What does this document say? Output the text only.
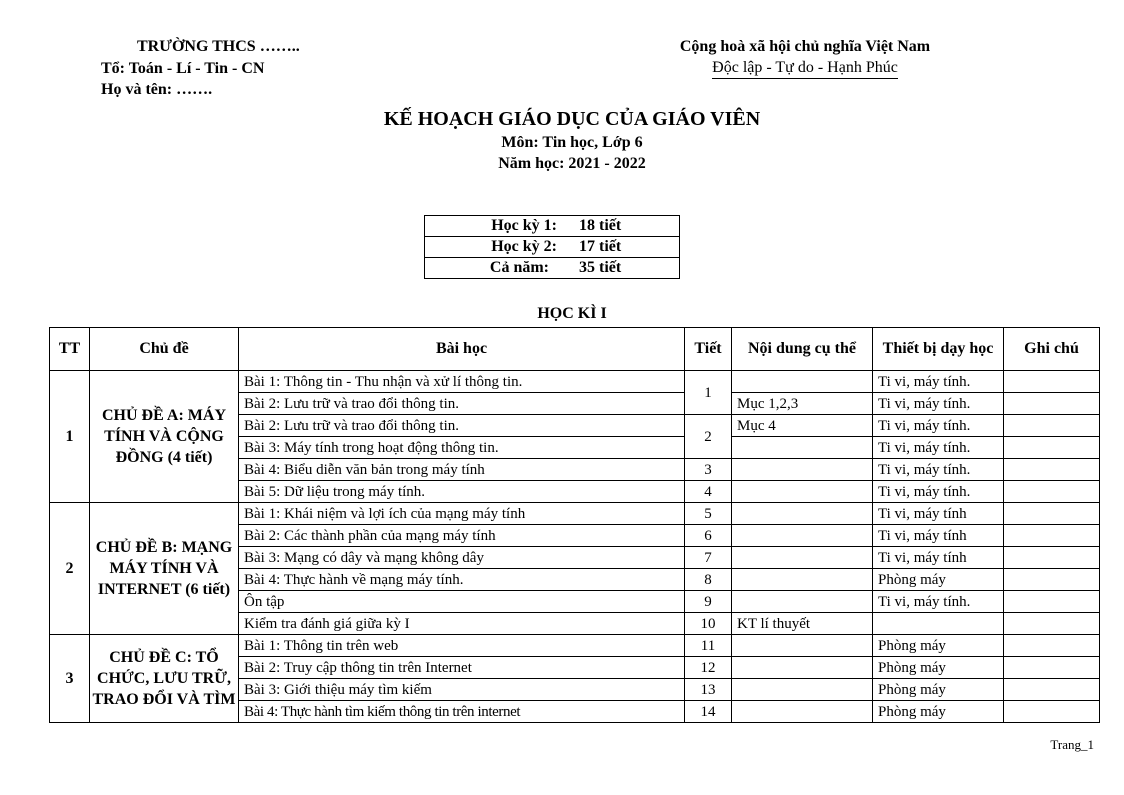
TRƯỜNG THCS ……..
Tổ: Toán - Lí - Tin - CN
Họ và tên: …….
Cộng hoà xã hội chủ nghĩa Việt Nam
Độc lập - Tự do - Hạnh Phúc
KẾ HOẠCH GIÁO DỤC CỦA GIÁO VIÊN
Môn: Tin học, Lớp 6
Năm học: 2021 - 2022
Học kỳ 1: 18 tiết
Học kỳ 2: 17 tiết
Cả năm: 35 tiết
HỌC KÌ I
TT	Chủ đề	Bài học	Tiết	Nội dung cụ thể	Thiết bị dạy học	Ghi chú
1	CHỦ ĐỀ A: MÁY TÍNH VÀ CỘNG ĐỒNG (4 tiết)	Bài 1: Thông tin - Thu nhận và xử lí thông tin.	1		Ti vi, máy tính.	
		Bài 2: Lưu trữ và trao đổi thông tin.		Mục 1,2,3	Ti vi, máy tính.	
		Bài 2: Lưu trữ và trao đổi thông tin.	2	Mục 4	Ti vi, máy tính.	
		Bài 3: Máy tính trong hoạt động thông tin.			Ti vi, máy tính.	
		Bài 4: Biểu diễn văn bản trong máy tính	3		Ti vi, máy tính.	
		Bài 5: Dữ liệu trong máy tính.	4		Ti vi, máy tính.	
2	CHỦ ĐỀ B: MẠNG MÁY TÍNH VÀ INTERNET (6 tiết)	Bài 1: Khái niệm và lợi ích của mạng máy tính	5		Ti vi, máy tính	
		Bài 2: Các thành phần của mạng máy tính	6		Ti vi, máy tính	
		Bài 3: Mạng có dây và mạng không dây	7		Ti vi, máy tính	
		Bài 4: Thực hành về mạng máy tính.	8		Phòng máy	
		Ôn tập	9		Ti vi, máy tính.	
		Kiểm tra đánh giá giữa kỳ I	10	KT lí thuyết		
3	CHỦ ĐỀ C: TỔ CHỨC, LƯU TRỮ, TRAO ĐỔI VÀ TÌM	Bài 1: Thông tin trên web	11		Phòng máy	
		Bài 2: Truy cập thông tin trên Internet	12		Phòng máy	
		Bài 3: Giới thiệu máy tìm kiếm	13		Phòng máy	
		Bài 4: Thực hành tìm kiếm thông tin trên internet	14		Phòng máy	
Trang_1
